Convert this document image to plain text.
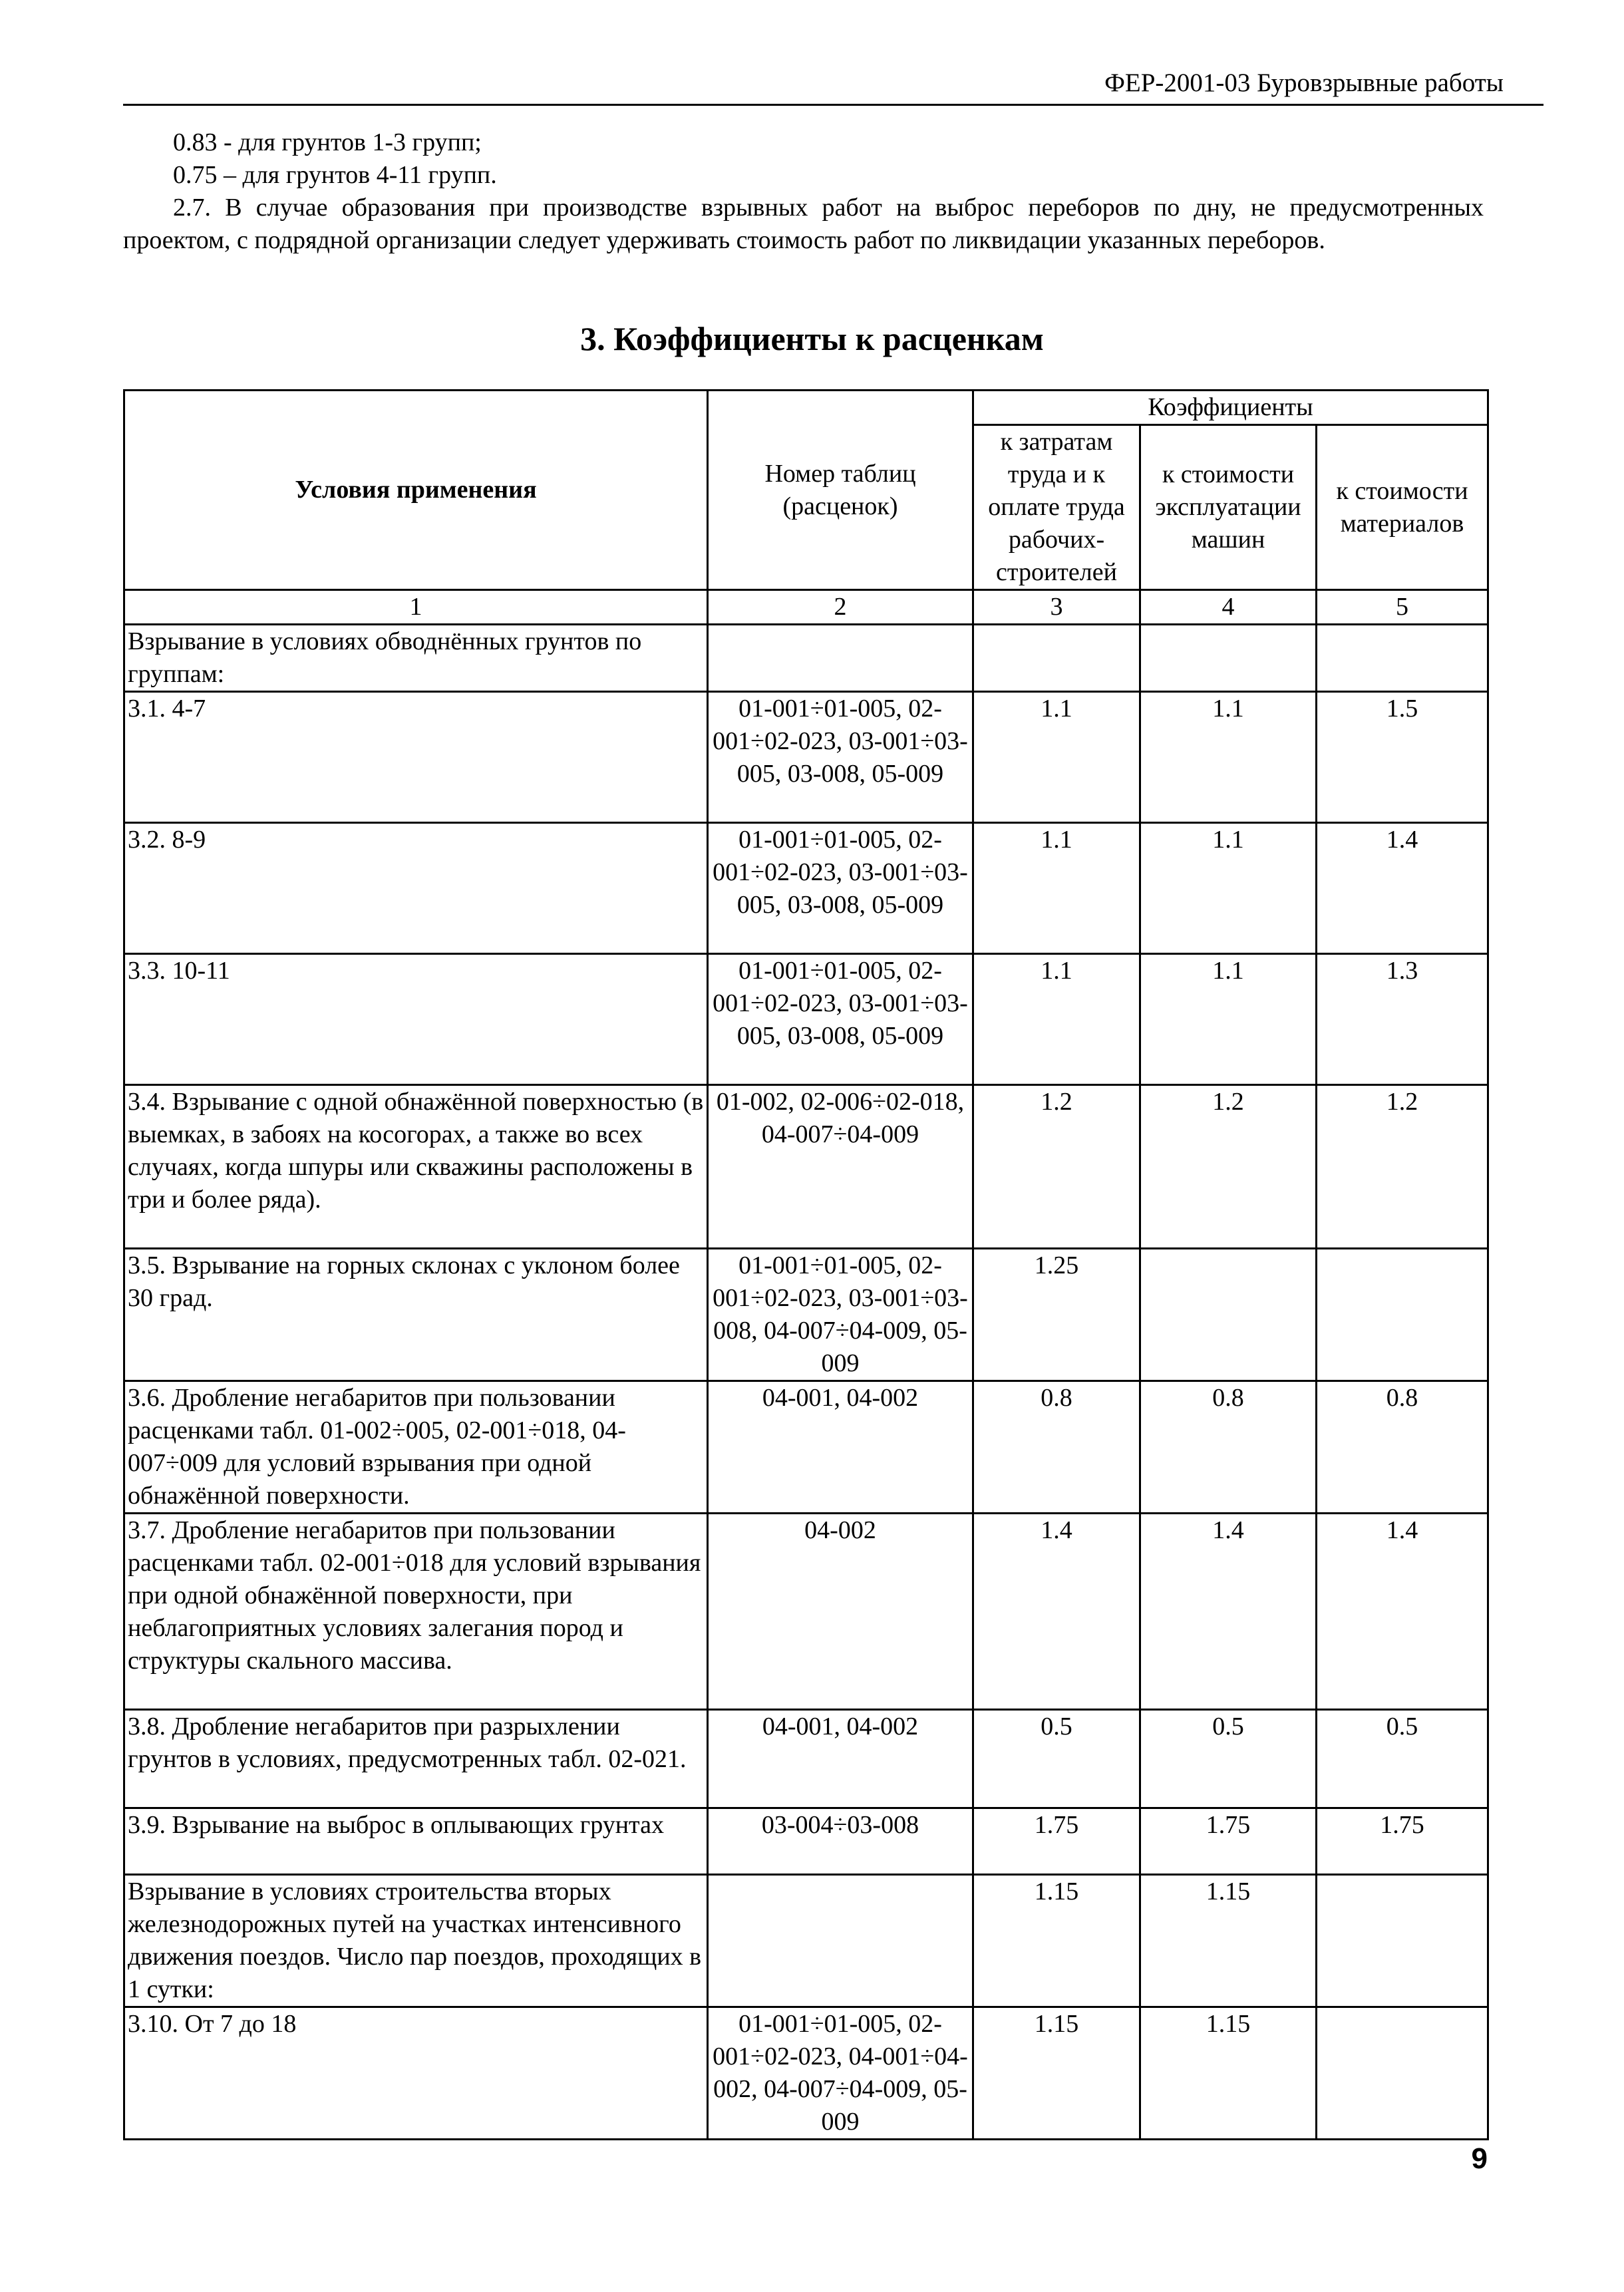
ФЕР-2001-03 Буровзрывные работы

0.83 - для грунтов 1-3 групп;

0.75 – для грунтов 4-11 групп.

2.7. В случае образования при производстве взрывных работ на выброс переборов по дну, не предусмотренных проектом, с подрядной организации следует удерживать стоимость работ по ликвидации указанных переборов.

3. Коэффициенты к расценкам
Условия применения	Номер таблиц (расценок)	Коэффициенты		
		к затратам труда и к оплате труда рабочих-строителей	к стоимости эксплуатации машин	к стоимости материалов
1	2	3	4	5
Взрывание в условиях обводнённых грунтов по группам:				
3.1. 4-7	01-001÷01-005, 02-001÷02-023, 03-001÷03-005, 03-008, 05-009	1.1	1.1	1.5
3.2. 8-9	01-001÷01-005, 02-001÷02-023, 03-001÷03-005, 03-008, 05-009	1.1	1.1	1.4
3.3. 10-11	01-001÷01-005, 02-001÷02-023, 03-001÷03-005, 03-008, 05-009	1.1	1.1	1.3
3.4. Взрывание с одной обнажённой поверхностью (в выемках, в забоях на косогорах, а также во всех случаях, когда шпуры или скважины расположены в три и более ряда).	01-002, 02-006÷02-018, 04-007÷04-009	1.2	1.2	1.2
3.5. Взрывание на горных склонах с уклоном более 30 град.	01-001÷01-005, 02-001÷02-023, 03-001÷03-008, 04-007÷04-009, 05-009	1.25		
3.6. Дробление негабаритов при пользовании расценками табл. 01-002÷005, 02-001÷018, 04-007÷009 для условий взрывания при одной обнажённой поверхности.	04-001, 04-002	0.8	0.8	0.8
3.7. Дробление негабаритов при пользовании расценками табл. 02-001÷018 для условий взрывания при одной обнажённой поверхности, при неблагоприятных условиях залегания пород и структуры скального массива.	04-002	1.4	1.4	1.4
3.8. Дробление негабаритов при разрыхлении грунтов в условиях, предусмотренных табл. 02-021.	04-001, 04-002	0.5	0.5	0.5
3.9. Взрывание на выброс в оплывающих грунтах	03-004÷03-008	1.75	1.75	1.75
Взрывание в условиях строительства вторых железнодорожных путей на участках интенсивного движения поездов. Число пар поездов, проходящих в 1 сутки:		1.15	1.15	
3.10. От 7 до 18	01-001÷01-005, 02-001÷02-023, 04-001÷04-002, 04-007÷04-009, 05-009	1.15	1.15	
9
